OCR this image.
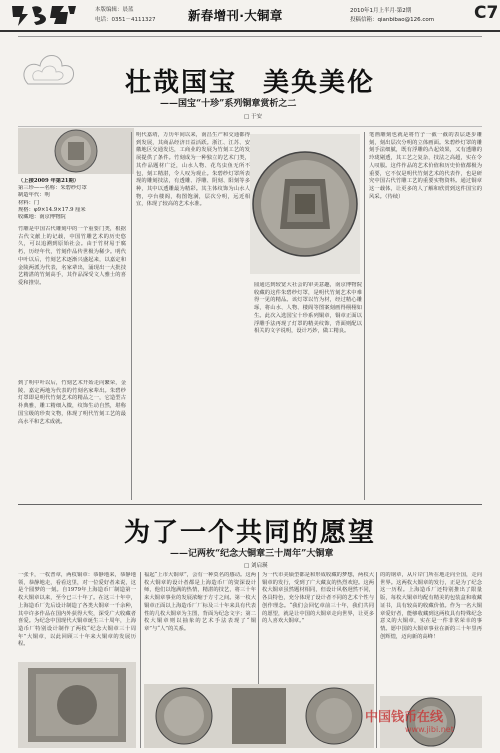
本版编辑：晨蓝
电话：0351－4111327	新春增刊·大铜章	2010年1月上半月·第2期
投稿信箱：qianbibao@126.com C7
壮哉国宝 美奂美伦
——国宝“十珍”系列铜章赏析之二
□ 于安
（上接2009 年第21期）
第三珍——名称：朱碧纱灯罩
制造年代：明
材料：门
规格：φ9×14.9×17.9 厘米
收藏地：南京博物院
竹雕是中国古代雕刻中的一个重要门类，根据古代文献上的记载，中国竹雕艺术的历史悠久，可以追溯到原始社会。由于竹材易于腐朽，历经年代，竹刻作品传世极为稀少。明代中叶以后，竹刻艺术逐渐兴盛起来，以嘉定和金陵两派为代表，名家辈出，涌现出一大批技艺精湛的竹刻高手，其作品深受文人雅士的喜爱和推崇。
到了明中叶以后，竹刻艺术开始走向繁荣，金陵、嘉定两地为代表的竹刻名家辈出。朱碧纱灯罩即是明代竹刻艺术的精品之一，它造型古朴典雅，雕工精细入微，纹饰生动自然，堪称国宝级的珍贵文物，体现了明代竹刻工艺的最高水平和艺术成就。
明代嘉靖，万历年间以来，南昌生产和交通都得到发展，其商品经济日益活跃。浙江、江苏、安徽地区交通发达，工商业的发展为竹刻工艺的发展提供了条件。竹刻成为一种独立的艺术门类，其作品题材广泛，山水人物、花鸟虫鱼无所不包，刻工精湛，令人叹为观止。朱碧纱灯罩所表现的雕刻技法，有透雕、浮雕、阴刻、阳刻等多种，其中以透雕最为精彩。其主体纹饰为山水人物，亭台楼阁，构图饱满，层次分明，远近相宜，体现了较高的艺术水准。
圆通达到较宽大社会的审美意趣，南京博物院收藏的这件朱碧纱灯罩，是明代竹刻艺术中难得一见的精品。该灯罩以竹为材，经过精心雕琢，将山水、人物、楼阁等图案刻画得栩栩如生。此次入选国宝十珍系列铜章，铜章正面以浮雕手法再现了灯罩的精美纹饰，背面则配以相关的文字说明，设计巧妙，做工精良。
笔画雕刻也就是将竹子一截一截的表层逐步雕刻，刻出层次分明的立体画面。朱碧纱灯罩的雕刻手法细腻，既有浮雕的凸起效果，又有透雕的玲珑剔透，其工艺之复杂，技法之高超，实在令人叹服。这件作品的艺术价值和历史价值都极为重要，它不仅是明代竹刻艺术的代表作，也是研究中国古代竹雕工艺的重要实物资料。通过铜章这一载体，让更多的人了解和欣赏到这件国宝的风采。（待续）
为了一个共同的愿望
——记两枚“纪念大铜章三十周年”大铜章
□ 刘启瑛
一张卡，一枚普章，两枚铜章：恭静地来，恭静地领，恭静地走，看看这里，对一位爱好者来说，这是个圆梦的一刻。自1979年上海造币厂制造第一枚大铜章以来，至今已三十年了。在这三十年中，上海造币厂先后设计制造了各类大铜章一千余种，其中许多作品在国内外获得大奖，深受广大收藏者喜爱。为纪念中国现代大铜章诞生三十周年，上海造币厂特别设计制作了两枚“纪念大铜章三十周年”大铜章，以此回顾三十年来大铜章的发展历程。
福起“上市大铜章”，会有一种莫名的感动。这两枚大铜章的设计者都是上海造币厂的资深设计师，他们以饱满的热情，精湛的技艺，将三十年来大铜章事业的发展浓缩于方寸之间。第一枚大铜章正面以上海造币厂厂标及三十年来具有代表性的几枚大铜章为主图，背面为纪念文字；第二枚大铜章则以抽象的艺术手法表现了“铜章”与“人”的关系。
为一代市美硕型都是和形成收藏的梦想，两枚大铜章的发行，受到了广大藏友的热烈欢迎。这两枚大铜章虽然题材相同，但设计风格迥然不同，各具特色，充分体现了设计者不同的艺术个性与创作理念。“我们会回忆章前三十年，我们共同的愿望，就是让中国的大铜章走向世界，让更多的人喜欢大铜章。”
的的钢章，从片岸门所在地走向全国，走向世界。这两枚大铜章的发行，正是为了纪念这一历程。上海造币厂还特别推出了限量版，每枚大铜章均配有精美的包装盒和收藏证书，具有较高的收藏价值。作为一名大铜章爱好者，能够收藏到这两枚具有特殊纪念意义的大铜章，实在是一件非常荣幸的事情。愿中国的大铜章事业在新的三十年里再创辉煌，迈向新的高峰！
中国钱币在线
www.jibi.net
